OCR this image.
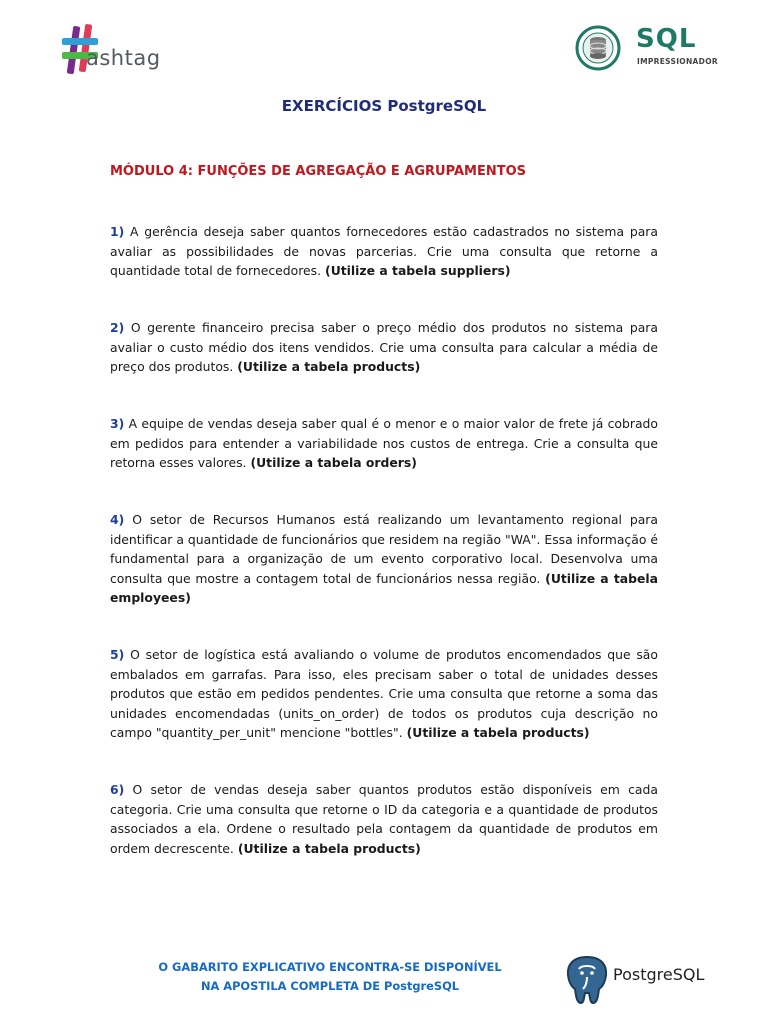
ashtag
SQL
IMPRESSIONADOR
EXERCÍCIOS PostgreSQL
MÓDULO 4: FUNÇÕES DE AGREGAÇÃO E AGRUPAMENTOS
1) A gerência deseja saber quantos fornecedores estão cadastrados no sistema para avaliar as possibilidades de novas parcerias. Crie uma consulta que retorne a quantidade total de fornecedores. (Utilize a tabela suppliers)
2) O gerente financeiro precisa saber o preço médio dos produtos no sistema para avaliar o custo médio dos itens vendidos. Crie uma consulta para calcular a média de preço dos produtos. (Utilize a tabela products)
3) A equipe de vendas deseja saber qual é o menor e o maior valor de frete já cobrado em pedidos para entender a variabilidade nos custos de entrega. Crie a consulta que retorna esses valores. (Utilize a tabela orders)
4) O setor de Recursos Humanos está realizando um levantamento regional para identificar a quantidade de funcionários que residem na região "WA". Essa informação é fundamental para a organização de um evento corporativo local. Desenvolva uma consulta que mostre a contagem total de funcionários nessa região. (Utilize a tabela employees)
5) O setor de logística está avaliando o volume de produtos encomendados que são embalados em garrafas. Para isso, eles precisam saber o total de unidades desses produtos que estão em pedidos pendentes. Crie uma consulta que retorne a soma das unidades encomendadas (units_on_order) de todos os produtos cuja descrição no campo "quantity_per_unit" mencione "bottles". (Utilize a tabela products)
6) O setor de vendas deseja saber quantos produtos estão disponíveis em cada categoria. Crie uma consulta que retorne o ID da categoria e a quantidade de produtos associados a ela. Ordene o resultado pela contagem da quantidade de produtos em ordem decrescente. (Utilize a tabela products)
O GABARITO EXPLICATIVO ENCONTRA-SE DISPONÍVEL
NA APOSTILA COMPLETA DE PostgreSQL
PostgreSQL
